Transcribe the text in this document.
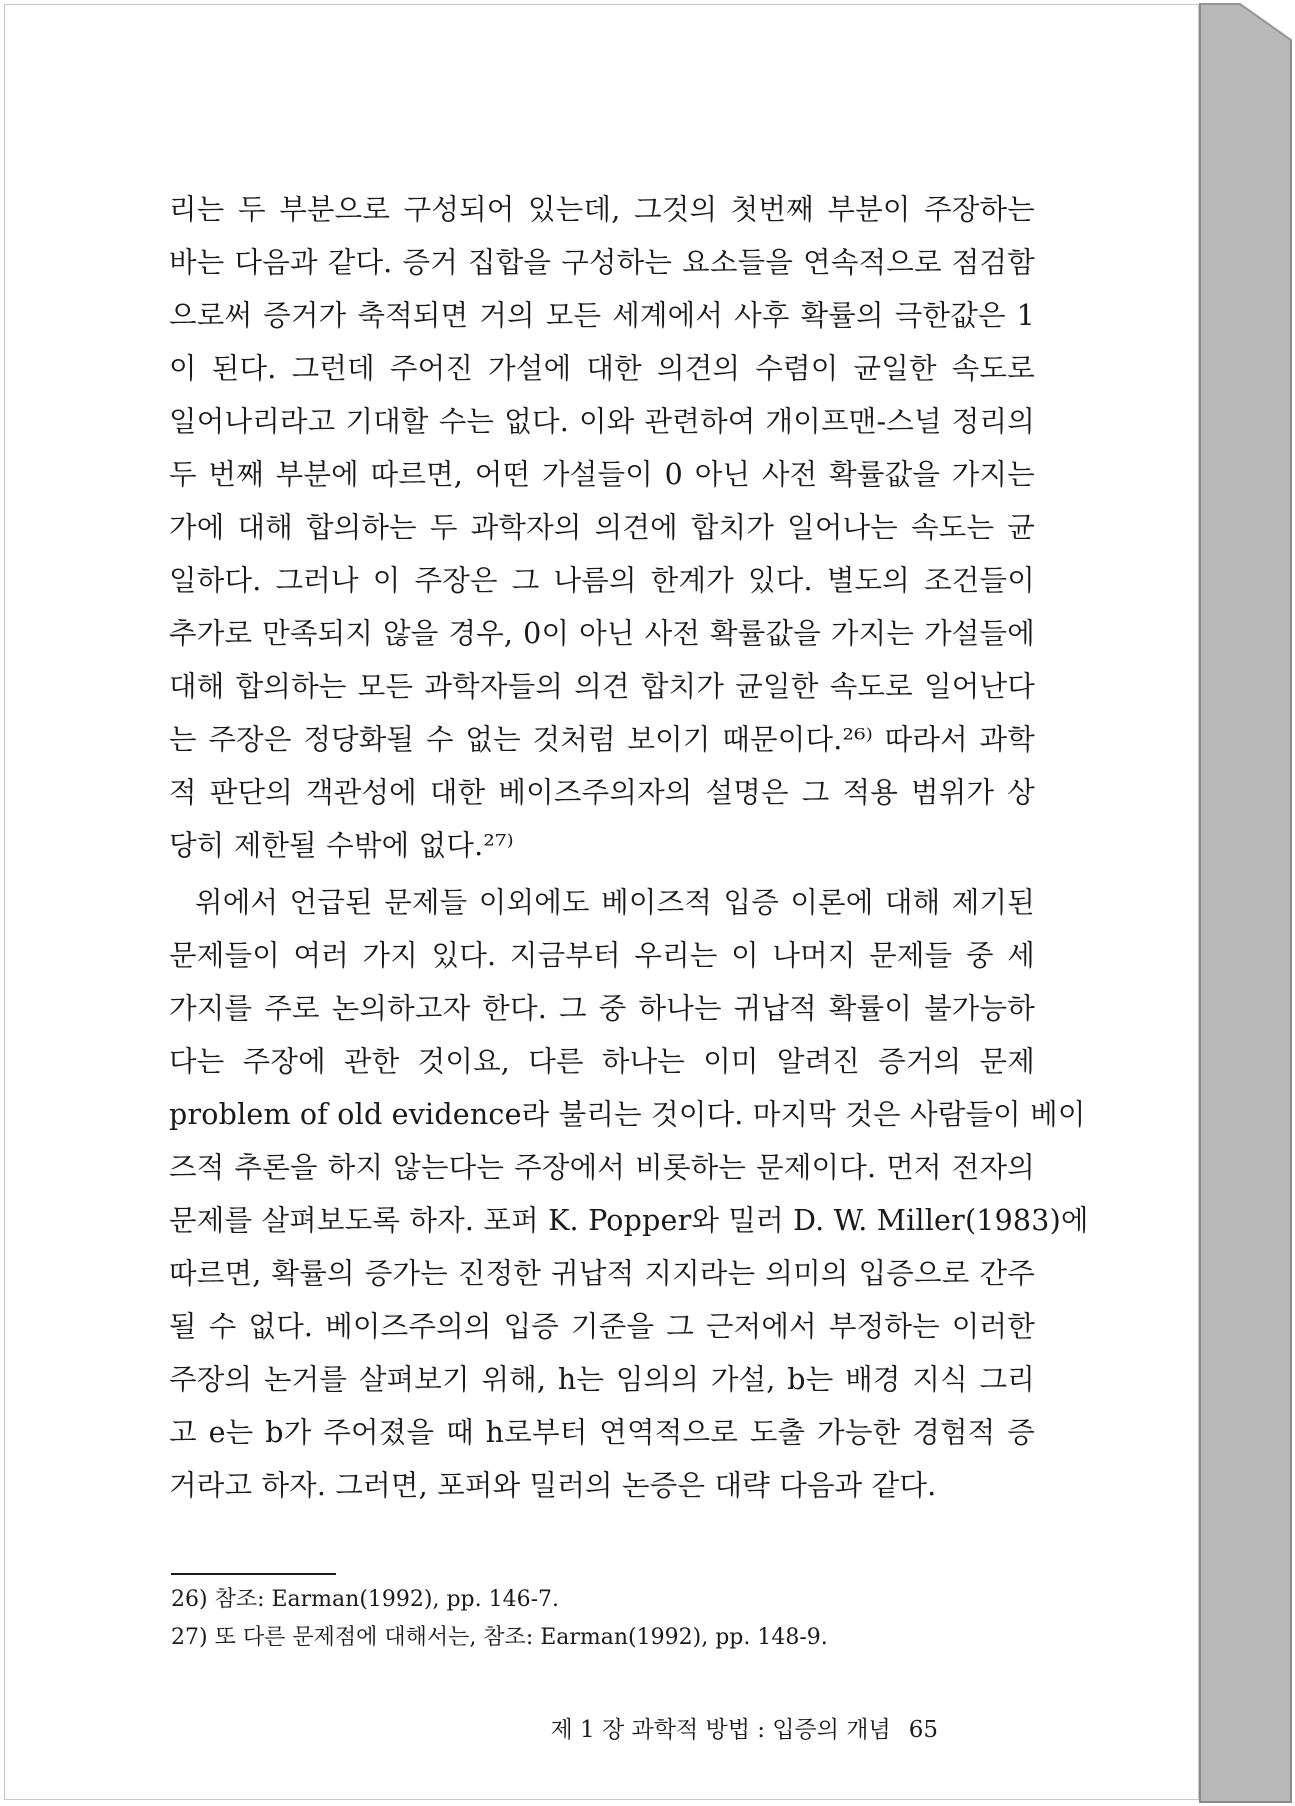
리는 두 부분으로 구성되어 있는데, 그것의 첫번째 부분이 주장하는
바는 다음과 같다. 증거 집합을 구성하는 요소들을 연속적으로 점검함
으로써 증거가 축적되면 거의 모든 세계에서 사후 확률의 극한값은 1
이 된다. 그런데 주어진 가설에 대한 의견의 수렴이 균일한 속도로
일어나리라고 기대할 수는 없다. 이와 관련하여 개이프맨-스널 정리의
두 번째 부분에 따르면, 어떤 가설들이 0 아닌 사전 확률값을 가지는
가에 대해 합의하는 두 과학자의 의견에 합치가 일어나는 속도는 균
일하다. 그러나 이 주장은 그 나름의 한계가 있다. 별도의 조건들이
추가로 만족되지 않을 경우, 0이 아닌 사전 확률값을 가지는 가설들에
대해 합의하는 모든 과학자들의 의견 합치가 균일한 속도로 일어난다
는 주장은 정당화될 수 없는 것처럼 보이기 때문이다.²⁶⁾ 따라서 과학
적 판단의 객관성에 대한 베이즈주의자의 설명은 그 적용 범위가 상
당히 제한될 수밖에 없다.²⁷⁾
위에서 언급된 문제들 이외에도 베이즈적 입증 이론에 대해 제기된
문제들이 여러 가지 있다. 지금부터 우리는 이 나머지 문제들 중 세
가지를 주로 논의하고자 한다. 그 중 하나는 귀납적 확률이 불가능하
다는 주장에 관한 것이요, 다른 하나는 이미 알려진 증거의 문제
problem of old evidence라 불리는 것이다. 마지막 것은 사람들이 베이
즈적 추론을 하지 않는다는 주장에서 비롯하는 문제이다. 먼저 전자의
문제를 살펴보도록 하자. 포퍼 K. Popper와 밀러 D. W. Miller(1983)에
따르면, 확률의 증가는 진정한 귀납적 지지라는 의미의 입증으로 간주
될 수 없다. 베이즈주의의 입증 기준을 그 근저에서 부정하는 이러한
주장의 논거를 살펴보기 위해, h는 임의의 가설, b는 배경 지식 그리
고 e는 b가 주어졌을 때 h로부터 연역적으로 도출 가능한 경험적 증
거라고 하자. 그러면, 포퍼와 밀러의 논증은 대략 다음과 같다.
26) 참조: Earman(1992), pp. 146-7.
27) 또 다른 문제점에 대해서는, 참조: Earman(1992), pp. 148-9.
제 1 장 과학적 방법 : 입증의 개념 65
